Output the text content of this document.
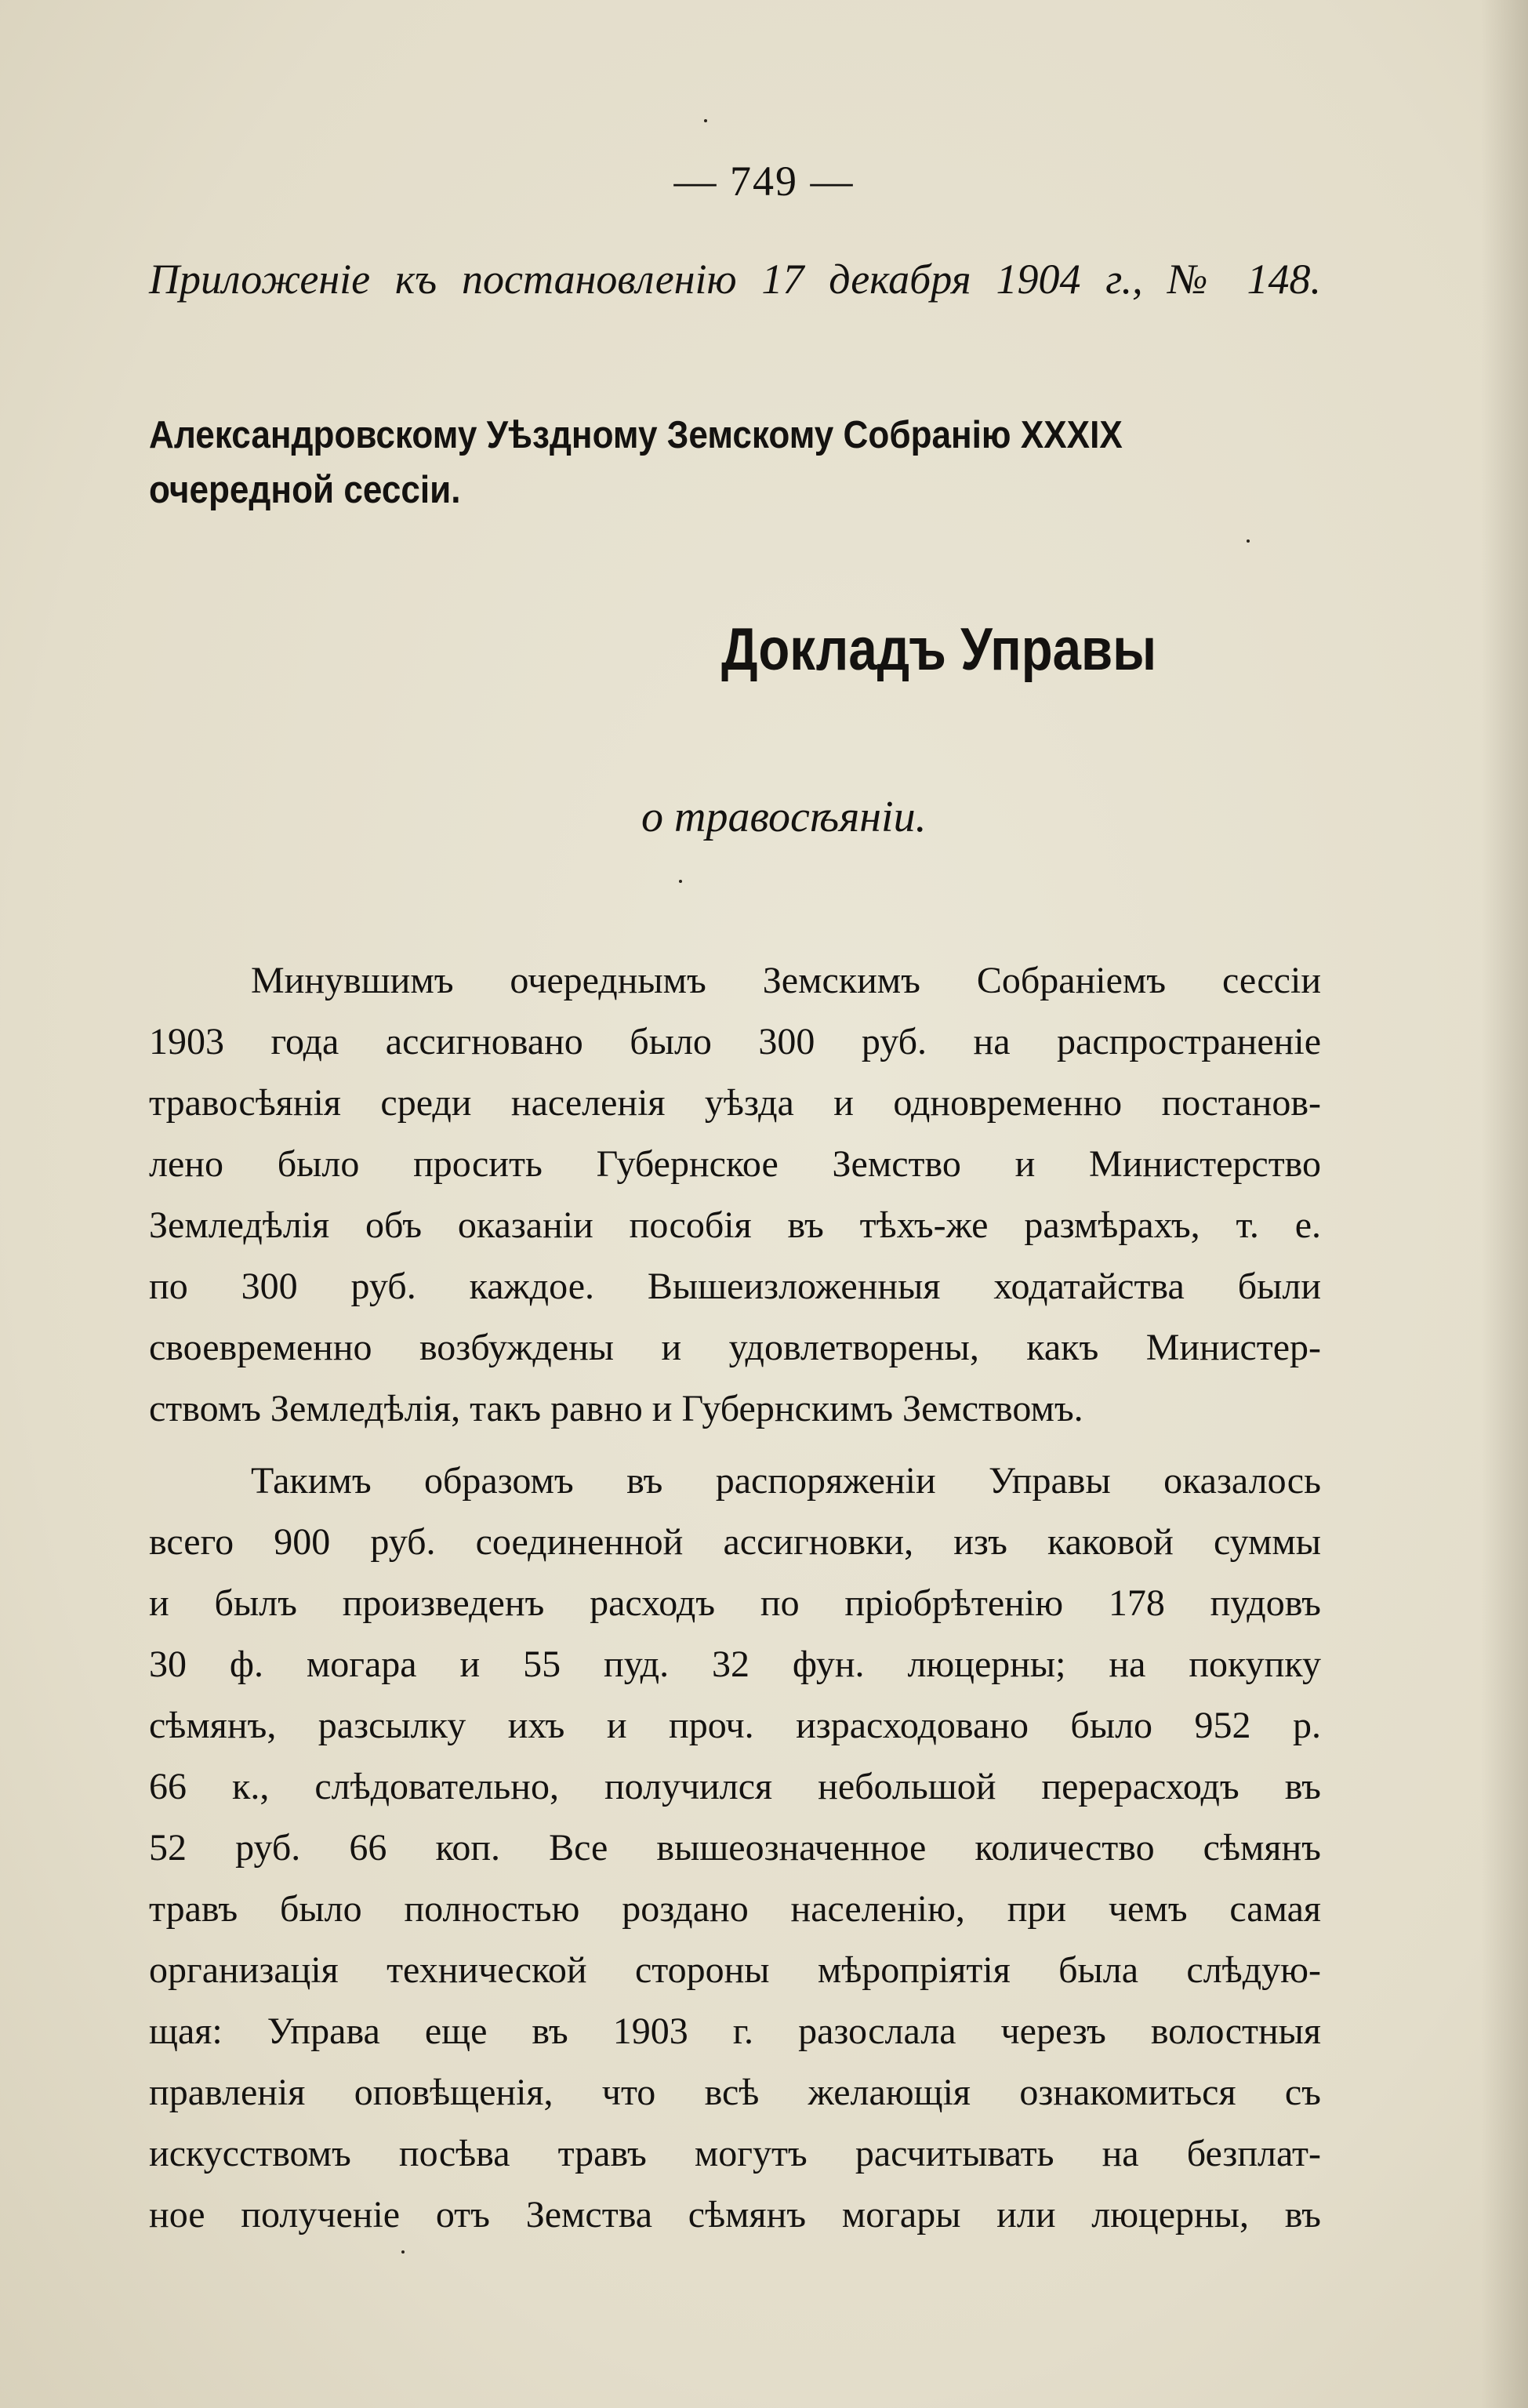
— 749 —
Приложенiе къ постановленiю 17 декабря 1904 г., № 148.
Александровскому Уѣздному Земскому Собранiю XXXIX
очередной сессiи.
Докладъ Управы
о травосѣянiи.
Минувшимъ очереднымъ Земскимъ Собранiемъ сессiи
1903 года ассигновано было 300 руб. на распространенiе
травосѣянiя среди населенiя уѣзда и одновременно постанов-
лено было просить Губернское Земство и Министерство
Земледѣлiя объ оказанiи пособiя въ тѣхъ-же размѣрахъ, т. е.
по 300 руб. каждое. Вышеизложенныя ходатайства были
своевременно возбуждены и удовлетворены, какъ Министер-
ствомъ Земледѣлiя, такъ равно и Губернскимъ Земствомъ.
Такимъ образомъ въ распоряженiи Управы оказалось
всего 900 руб. соединенной ассигновки, изъ каковой суммы
и былъ произведенъ расходъ по прiобрѣтенiю 178 пудовъ
30 ф. могара и 55 пуд. 32 фун. люцерны; на покупку
сѣмянъ, разсылку ихъ и проч. израсходовано было 952 р.
66 к., слѣдовательно, получился небольшой перерасходъ въ
52 руб. 66 коп. Все вышеозначенное количество сѣмянъ
травъ было полностью роздано населенiю, при чемъ самая
организацiя технической стороны мѣропрiятiя была слѣдую-
щая: Управа еще въ 1903 г. разослала черезъ волостныя
правленiя оповѣщенiя, что всѣ желающiя ознакомиться съ
искусствомъ посѣва травъ могутъ расчитывать на безплат-
ное полученiе отъ Земства сѣмянъ могары или люцерны, въ
